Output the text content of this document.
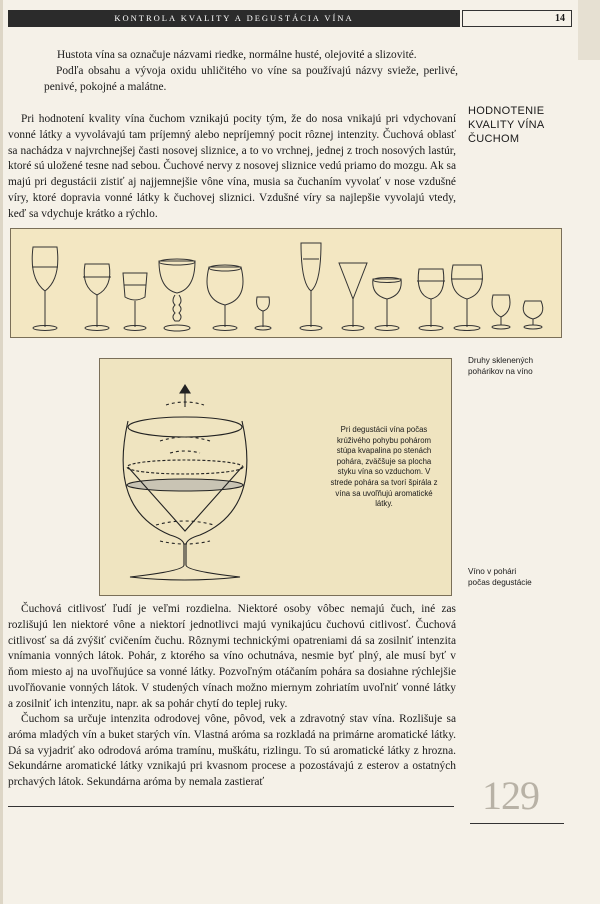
KONTROLA KVALITY A DEGUSTÁCIA VÍNA	14

Hustota vína sa označuje názvami riedke, normálne husté, olejovité a slizovité.

Podľa obsahu a vývoja oxidu uhličitého vo víne sa používajú názvy svieže, perlivé, penivé, pokojné a malátne.

Pri hodnotení kvality vína čuchom vznikajú pocity tým, že do nosa vnikajú pri vdychovaní vonné látky a vyvolávajú tam príjemný alebo nepríjemný pocit rôznej intenzity. Čuchová oblasť sa nachádza v najvrchnejšej časti nosovej sliznice, a to vo vrchnej, jednej z troch nosových lastúr, ktoré sú uložené tesne nad sebou. Čuchové nervy z nosovej sliznice vedú priamo do mozgu. Ak sa majú pri degustácii zistiť aj najjemnejšie vône vína, musia sa čuchaním vyvolať v nose vzdušné víry, ktoré dopravia vonné látky k čuchovej sliznici. Vzdušné víry sa najlepšie vyvolajú vtedy, keď sa vdychuje krátko a rýchlo.

HODNOTENIE
KVALITY VÍNA
ČUCHOM
Druhy sklenených
pohárikov na víno
Pri degustácii vína počas krúživého pohybu pohárom stúpa kvapalina po stenách pohára, zväčšuje sa plocha styku vína so vzduchom. V strede pohára sa tvorí špirála z vína sa uvoľňujú aromatické látky.
Víno v pohári
počas degustácie

Čuchová citlivosť ľudí je veľmi rozdielna. Niektoré osoby vôbec nemajú čuch, iné zas rozlišujú len niektoré vône a niektorí jednotlivci majú vynikajúcu čuchovú citlivosť. Čuchová citlivosť sa dá zvýšiť cvičením čuchu. Rôznymi technickými opatreniami dá sa zosilniť intenzita vnímania vonných látok. Pohár, z ktorého sa víno ochutnáva, nesmie byť plný, ale musí byť v ňom miesto aj na uvoľňujúce sa vonné látky. Pozvoľným otáčaním pohára sa dosiahne rýchlejšie uvoľňovanie vonných látok. V studených vínach možno miernym zohriatím uvoľniť vonné látky a zosilniť ich intenzitu, napr. ak sa pohár chytí do teplej ruky.

Čuchom sa určuje intenzita odrodovej vône, pôvod, vek a zdravotný stav vína. Rozlišuje sa aróma mladých vín a buket starých vín. Vlastná aróma sa rozkladá na primárne aromatické látky. Dá sa vyjadriť ako odrodová aróma tramínu, muškátu, rizlingu. To sú aromatické látky z hrozna. Sekundárne aromatické látky vznikajú pri kvasnom procese a pozostávajú z esterov a ostatných prchavých látok. Sekundárna aróma by nemala zastierať	129
